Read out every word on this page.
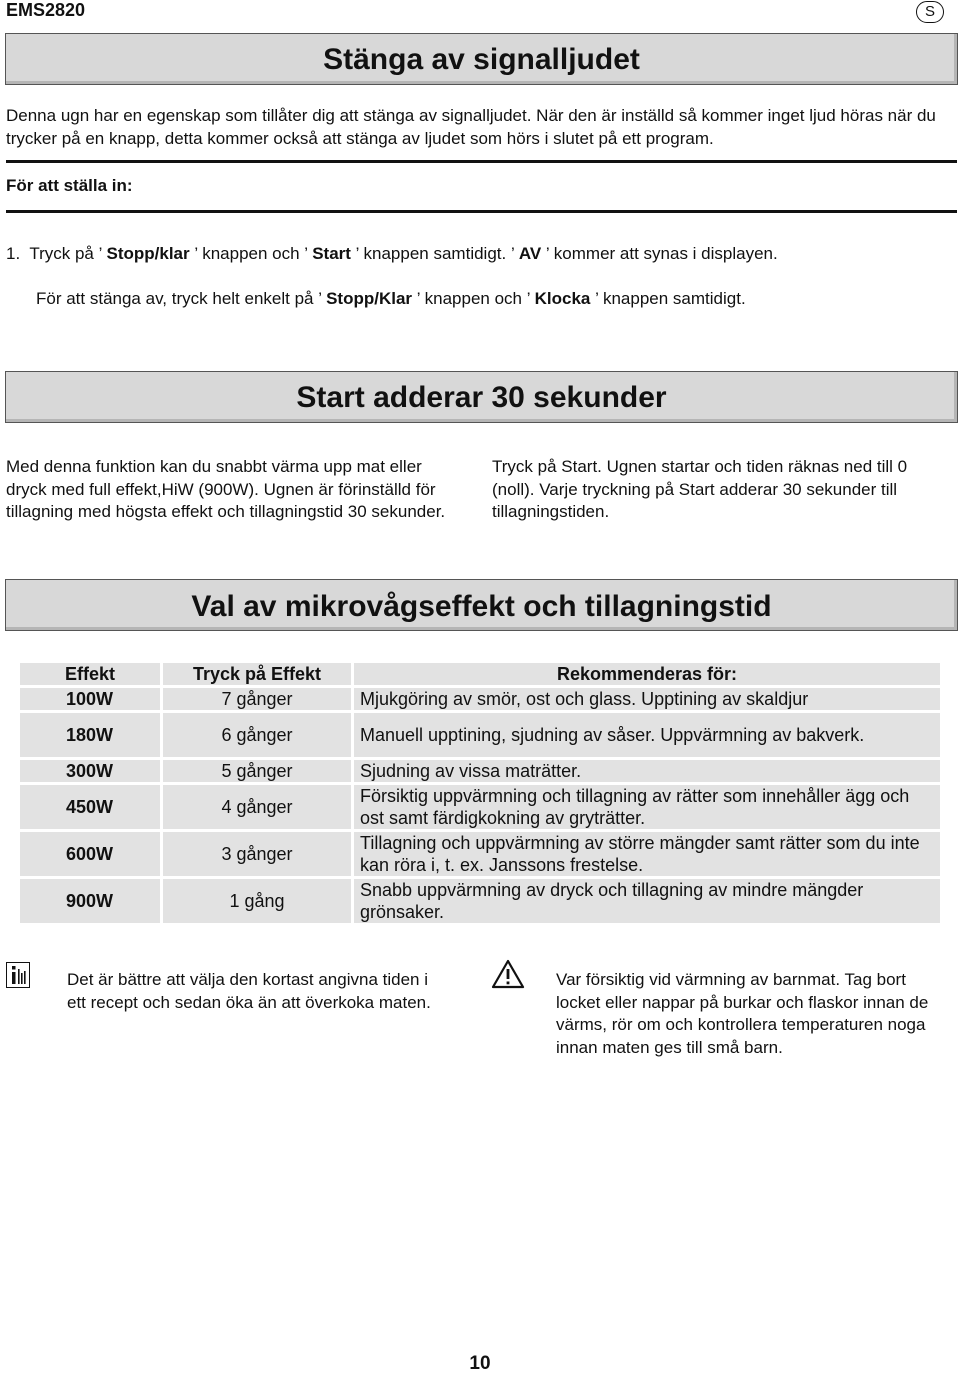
EMS2820	S
Stänga av signalljudet
Denna ugn har en egenskap som tillåter dig att stänga av signalljudet. När den är inställd så kommer inget ljud höras när du trycker på en knapp, detta kommer också att stänga av ljudet som hörs i slutet på ett program.
För att ställa in:
1. Tryck på ’ Stopp/klar ’ knappen och ’ Start ’ knappen samtidigt. ’ AV ’ kommer att synas i displayen.
För att stänga av, tryck helt enkelt på ’ Stopp/Klar ’ knappen och ’ Klocka ’ knappen samtidigt.
Start adderar 30 sekunder
Med denna funktion kan du snabbt värma upp mat eller dryck med full effekt,HiW (900W). Ugnen är förinställd för tillagning med högsta effekt och tillagningstid 30 sekunder.
Tryck på Start. Ugnen startar och tiden räknas ned till 0 (noll). Varje tryckning på Start adderar 30 sekunder till tillagningstiden.
Val av mikrovågseffekt och tillagningstid
Effekt	Tryck på Effekt	Rekommenderas för:
100W	7 gånger	Mjukgöring av smör, ost och glass. Upptining av skaldjur
180W	6 gånger	Manuell upptining, sjudning av såser. Uppvärmning av bakverk.
300W	5 gånger	Sjudning av vissa maträtter.
450W	4 gånger	Försiktig uppvärmning och tillagning av rätter som innehåller ägg och ost samt färdigkokning av gryträtter.
600W	3 gånger	Tillagning och uppvärmning av större mängder samt rätter som du inte kan röra i, t. ex. Janssons frestelse.
900W	1 gång	Snabb uppvärmning av dryck och tillagning av mindre mängder grönsaker.
Det är bättre att välja den kortast angivna tiden i ett recept och sedan öka än att överkoka maten.
Var försiktig vid värmning av barnmat. Tag bort locket eller nappar på burkar och flaskor innan de värms, rör om och kontrollera temperaturen noga innan maten ges till små barn.
10
